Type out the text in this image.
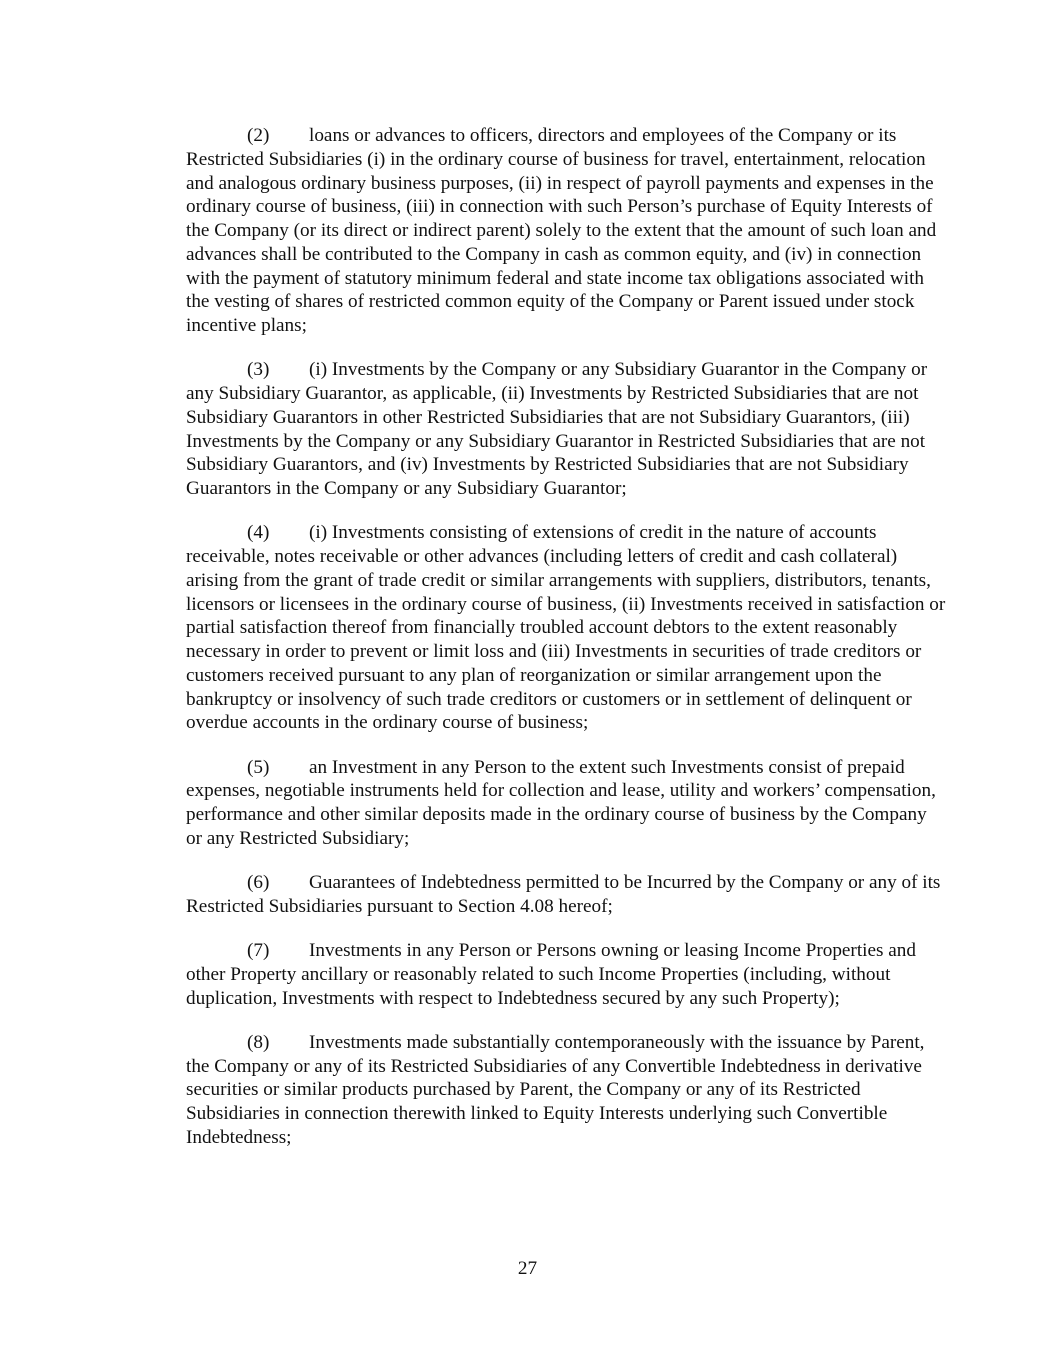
(2) loans or advances to officers, directors and employees of the Company or its Restricted Subsidiaries (i) in the ordinary course of business for travel, entertainment, relocation and analogous ordinary business purposes, (ii) in respect of payroll payments and expenses in the ordinary course of business, (iii) in connection with such Person’s purchase of Equity Interests of the Company (or its direct or indirect parent) solely to the extent that the amount of such loan and advances shall be contributed to the Company in cash as common equity, and (iv) in connection with the payment of statutory minimum federal and state income tax obligations associated with the vesting of shares of restricted common equity of the Company or Parent issued under stock incentive plans;

(3) (i) Investments by the Company or any Subsidiary Guarantor in the Company or any Subsidiary Guarantor, as applicable, (ii) Investments by Restricted Subsidiaries that are not Subsidiary Guarantors in other Restricted Subsidiaries that are not Subsidiary Guarantors, (iii) Investments by the Company or any Subsidiary Guarantor in Restricted Subsidiaries that are not Subsidiary Guarantors, and (iv) Investments by Restricted Subsidiaries that are not Subsidiary Guarantors in the Company or any Subsidiary Guarantor;

(4) (i) Investments consisting of extensions of credit in the nature of accounts receivable, notes receivable or other advances (including letters of credit and cash collateral) arising from the grant of trade credit or similar arrangements with suppliers, distributors, tenants, licensors or licensees in the ordinary course of business, (ii) Investments received in satisfaction or partial satisfaction thereof from financially troubled account debtors to the extent reasonably necessary in order to prevent or limit loss and (iii) Investments in securities of trade creditors or customers received pursuant to any plan of reorganization or similar arrangement upon the bankruptcy or insolvency of such trade creditors or customers or in settlement of delinquent or overdue accounts in the ordinary course of business;

(5) an Investment in any Person to the extent such Investments consist of prepaid expenses, negotiable instruments held for collection and lease, utility and workers’ compensation, performance and other similar deposits made in the ordinary course of business by the Company or any Restricted Subsidiary;

(6) Guarantees of Indebtedness permitted to be Incurred by the Company or any of its Restricted Subsidiaries pursuant to Section 4.08 hereof;

(7) Investments in any Person or Persons owning or leasing Income Properties and other Property ancillary or reasonably related to such Income Properties (including, without duplication, Investments with respect to Indebtedness secured by any such Property);

(8) Investments made substantially contemporaneously with the issuance by Parent, the Company or any of its Restricted Subsidiaries of any Convertible Indebtedness in derivative securities or similar products purchased by Parent, the Company or any of its Restricted Subsidiaries in connection therewith linked to Equity Interests underlying such Convertible Indebtedness;

27
